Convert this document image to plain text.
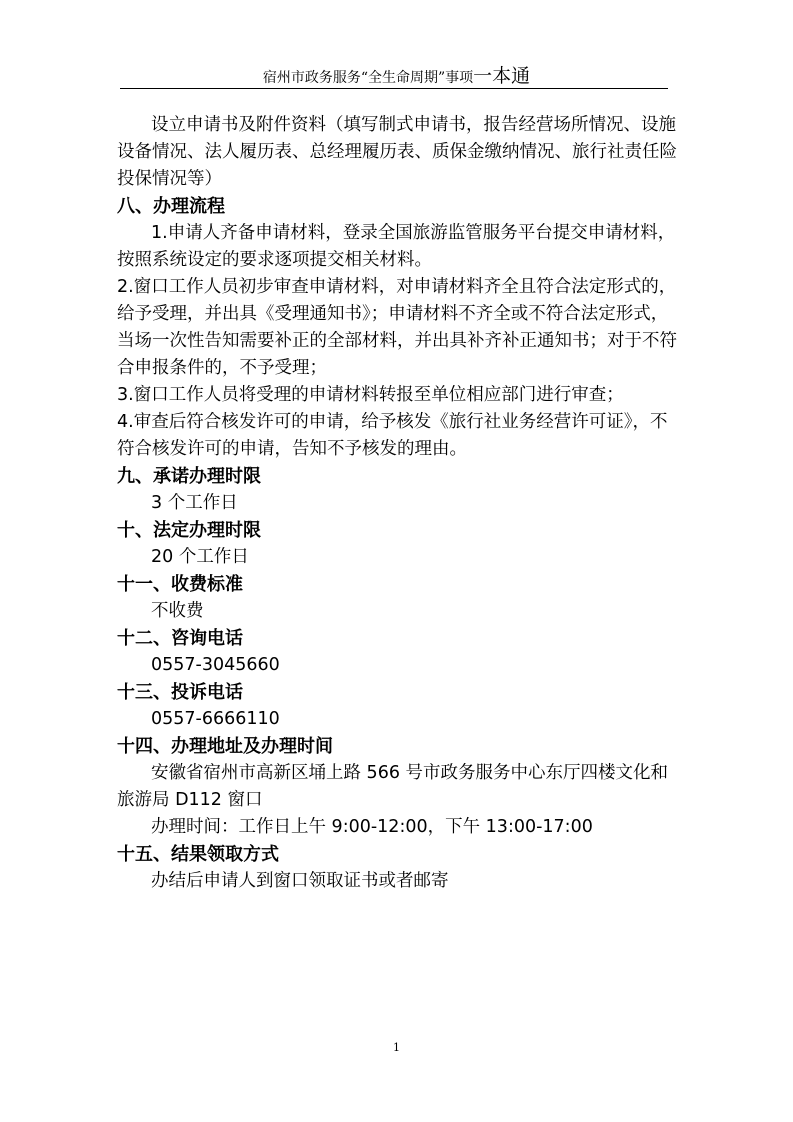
宿州市政务服务“全生命周期”事项一本通

设立申请书及附件资料（填写制式申请书，报告经营场所情况、设施设备情况、法人履历表、总经理履历表、质保金缴纳情况、旅行社责任险投保情况等）

八、办理流程

1.申请人齐备申请材料，登录全国旅游监管服务平台提交申请材料，按照系统设定的要求逐项提交相关材料。

2.窗口工作人员初步审查申请材料，对申请材料齐全且符合法定形式的，给予受理，并出具《受理通知书》；申请材料不齐全或不符合法定形式，当场一次性告知需要补正的全部材料，并出具补齐补正通知书；对于不符合申报条件的，不予受理；

3.窗口工作人员将受理的申请材料转报至单位相应部门进行审查；

4.审查后符合核发许可的申请，给予核发《旅行社业务经营许可证》，不符合核发许可的申请，告知不予核发的理由。

九、承诺办理时限

3 个工作日

十、法定办理时限

20 个工作日

十一、收费标准

不收费

十二、咨询电话

0557-3045660

十三、投诉电话

0557-6666110

十四、办理地址及办理时间

安徽省宿州市高新区埇上路 566 号市政务服务中心东厅四楼文化和旅游局 D112 窗口

办理时间：工作日上午 9:00-12:00，下午 13:00-17:00

十五、结果领取方式

办结后申请人到窗口领取证书或者邮寄

1
